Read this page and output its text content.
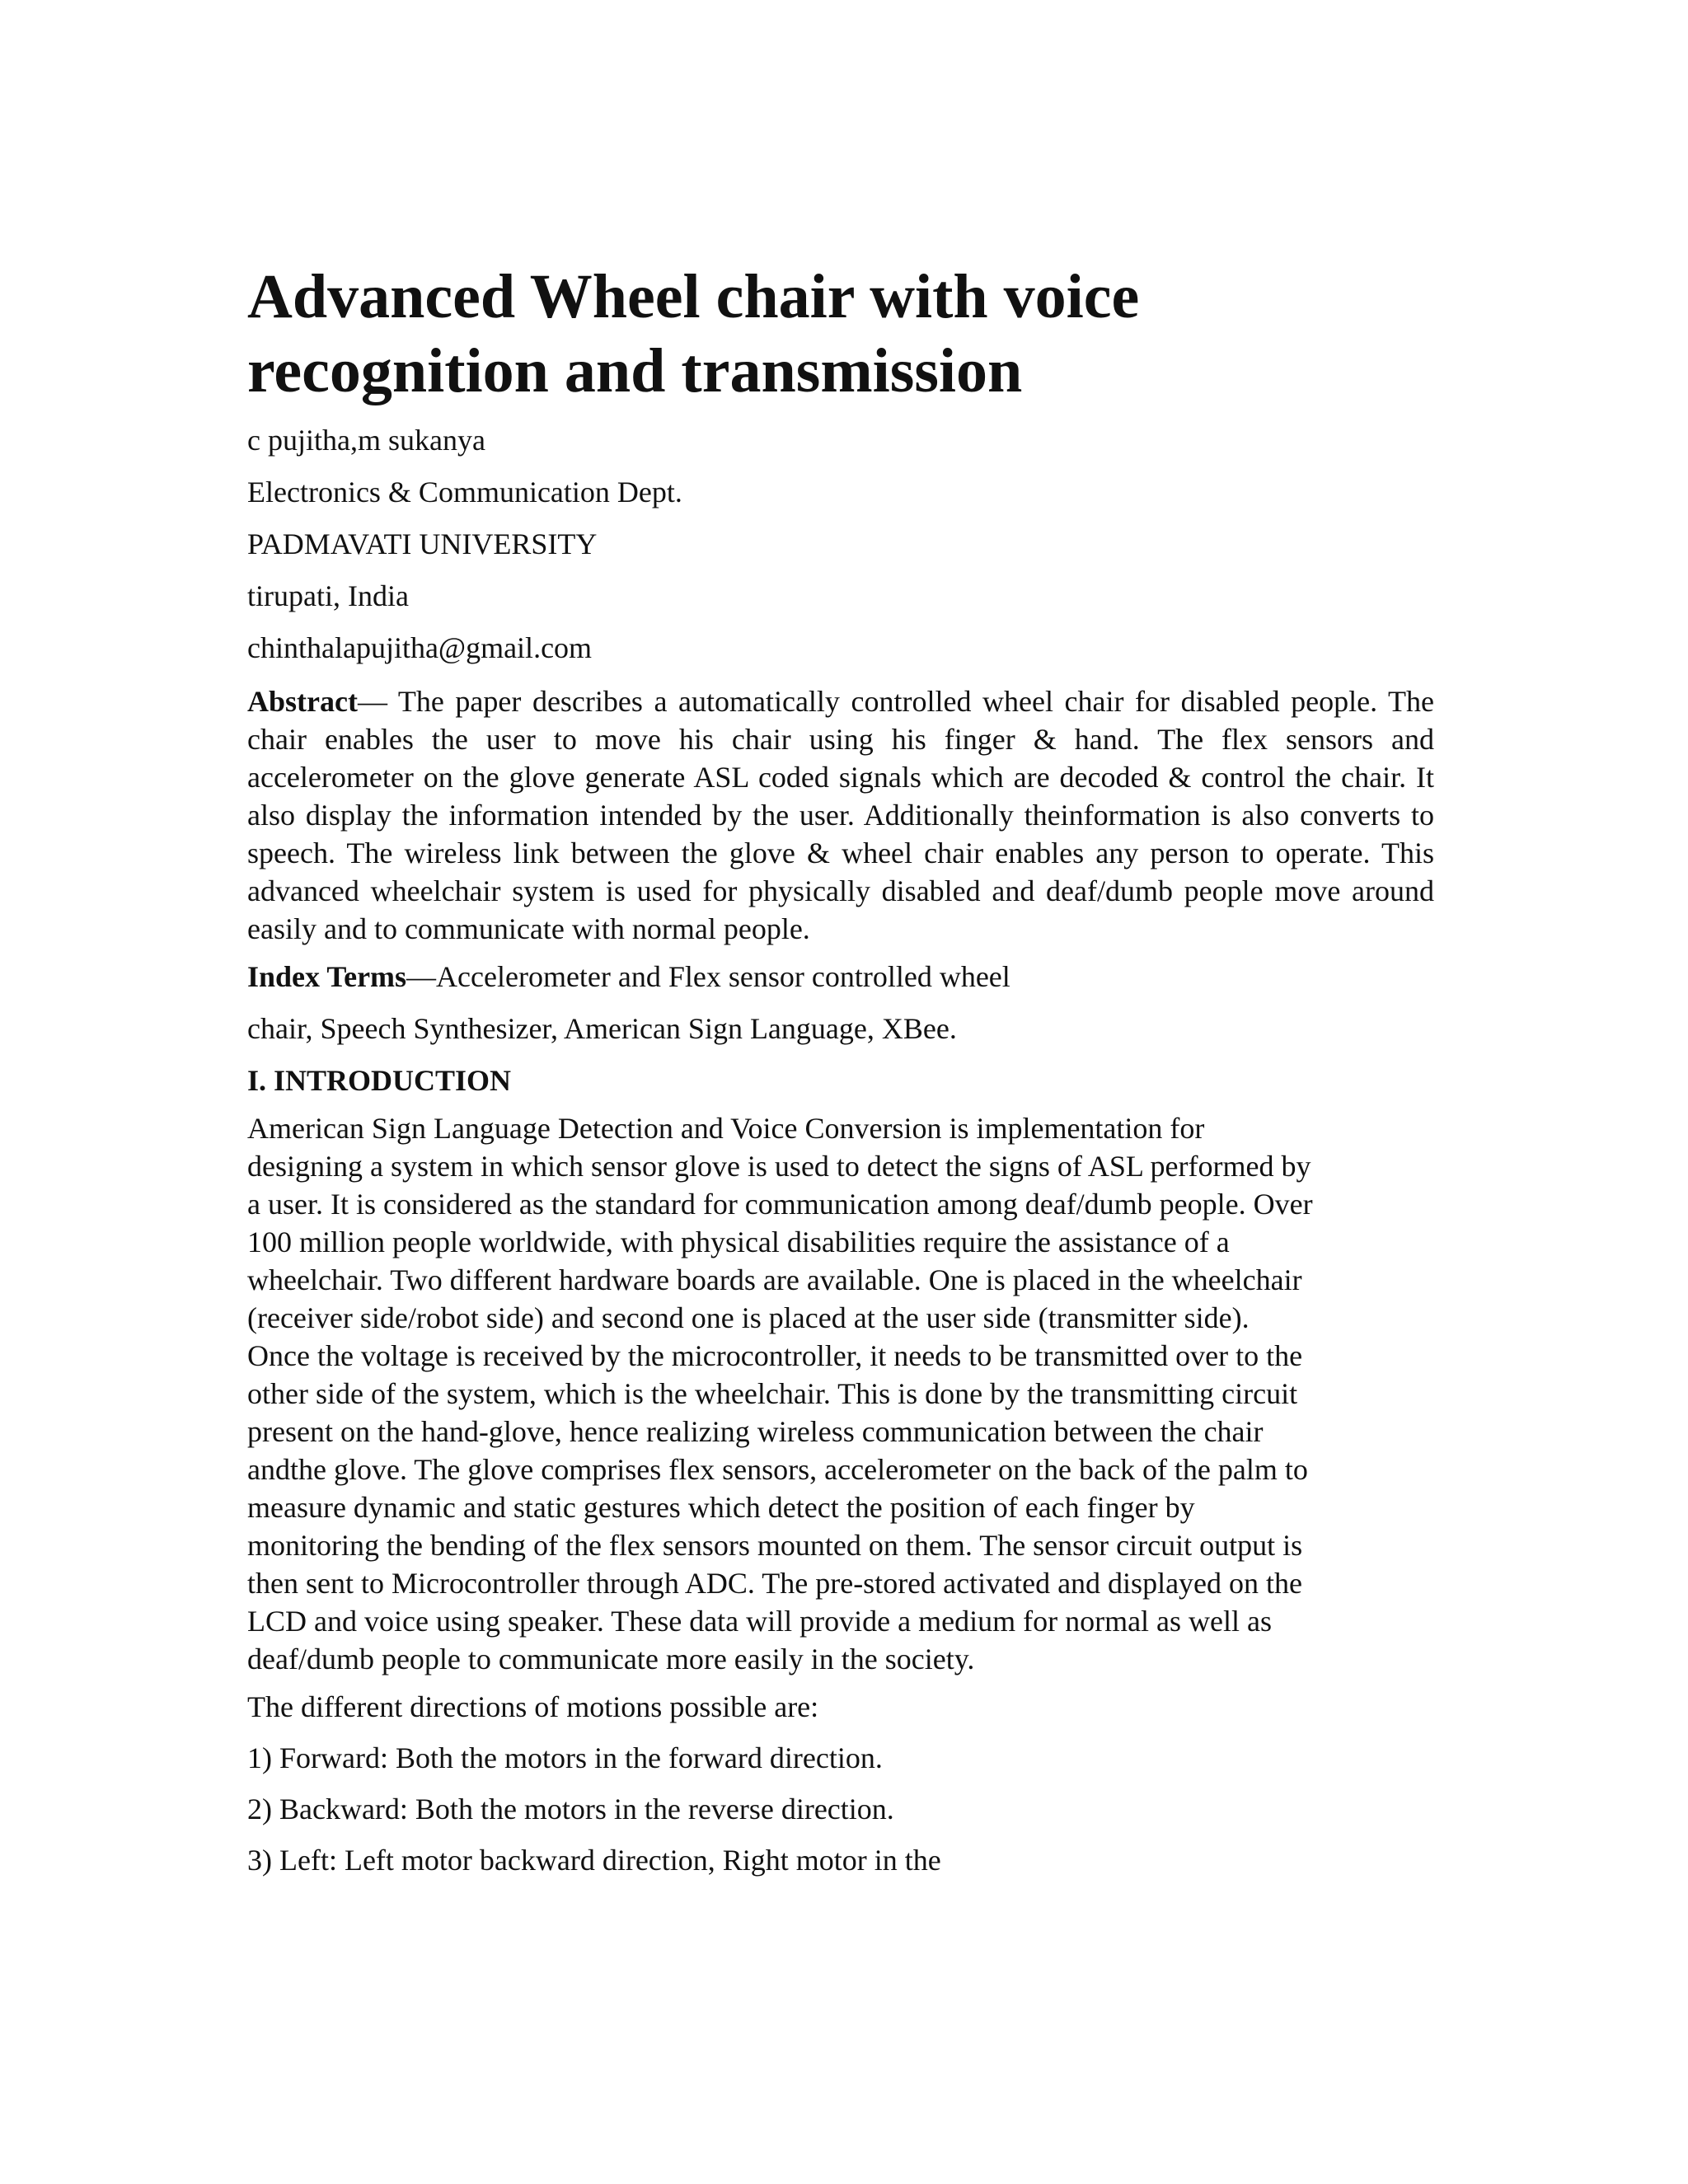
Advanced Wheel chair with voice
recognition and transmission
c pujitha,m sukanya
Electronics & Communication Dept.
PADMAVATI UNIVERSITY
tirupati, India
chinthalapujitha@gmail.com

Abstract— The paper describes a automatically controlled wheel chair for disabled people. The chair enables the user to move his chair using his finger & hand. The flex sensors and accelerometer on the glove generate ASL coded signals which are decoded & control the chair. It also display the information intended by the user. Additionally theinformation is also converts to speech. The wireless link between the glove & wheel chair enables any person to operate. This advanced wheelchair system is used for physically disabled and deaf/dumb people move around easily and to communicate with normal people.

Index Terms—Accelerometer and Flex sensor controlled wheel
chair, Speech Synthesizer, American Sign Language, XBee.
I. INTRODUCTION
American Sign Language Detection and Voice Conversion is implementation for
designing a system in which sensor glove is used to detect the signs of ASL performed by
a user. It is considered as the standard for communication among deaf/dumb people. Over
100 million people worldwide, with physical disabilities require the assistance of a
wheelchair. Two different hardware boards are available. One is placed in the wheelchair
(receiver side/robot side) and second one is placed at the user side (transmitter side).
Once the voltage is received by the microcontroller, it needs to be transmitted over to the
other side of the system, which is the wheelchair. This is done by the transmitting circuit
present on the hand-glove, hence realizing wireless communication between the chair
andthe glove. The glove comprises flex sensors, accelerometer on the back of the palm to
measure dynamic and static gestures which detect the position of each finger by
monitoring the bending of the flex sensors mounted on them. The sensor circuit output is
then sent to Microcontroller through ADC. The pre-stored activated and displayed on the
LCD and voice using speaker. These data will provide a medium for normal as well as
deaf/dumb people to communicate more easily in the society.
The different directions of motions possible are:
1) Forward: Both the motors in the forward direction.
2) Backward: Both the motors in the reverse direction.
3) Left: Left motor backward direction, Right motor in the
